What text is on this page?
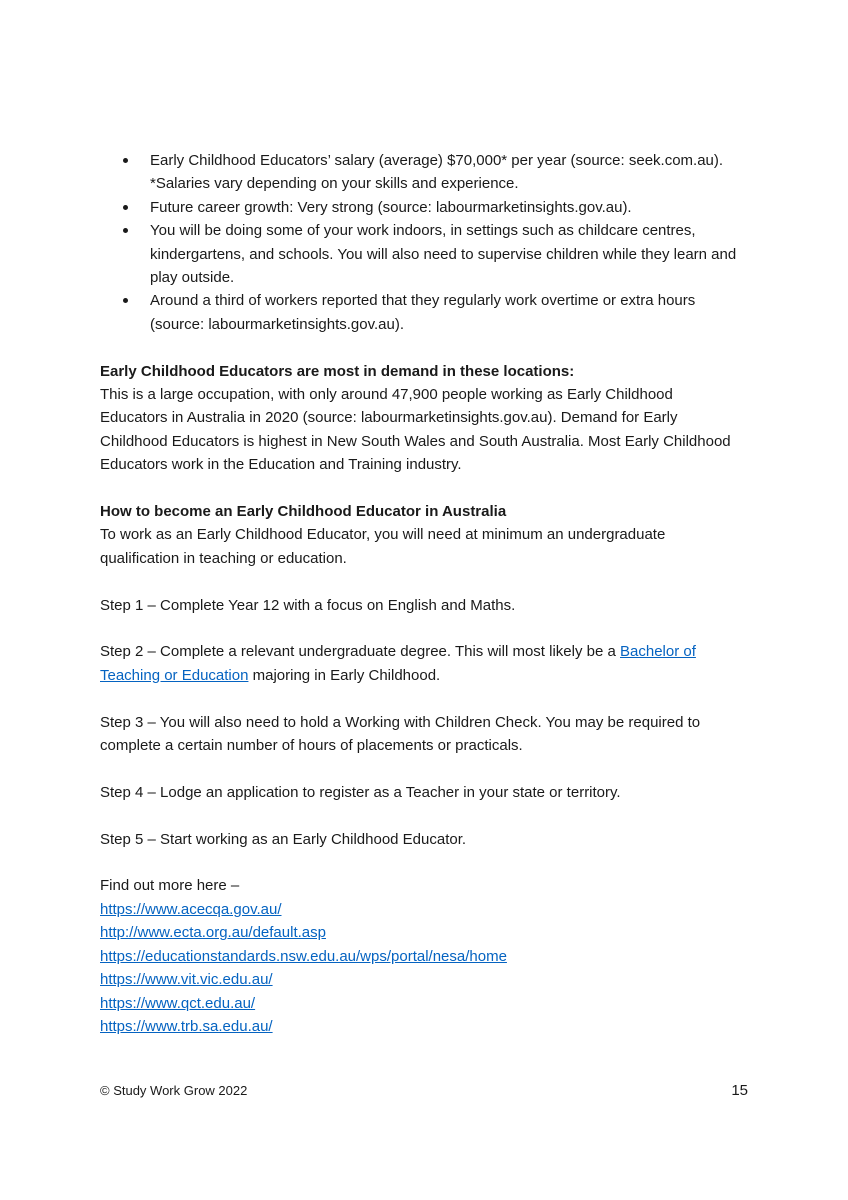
Early Childhood Educators’ salary (average) $70,000* per year (source: seek.com.au).
*Salaries vary depending on your skills and experience.
Future career growth: Very strong (source: labourmarketinsights.gov.au).
You will be doing some of your work indoors, in settings such as childcare centres,
kindergartens, and schools. You will also need to supervise children while they learn and
play outside.
Around a third of workers reported that they regularly work overtime or extra hours
(source: labourmarketinsights.gov.au).
Early Childhood Educators are most in demand in these locations:

This is a large occupation, with only around 47,900 people working as Early Childhood
Educators in Australia in 2020 (source: labourmarketinsights.gov.au). Demand for Early
Childhood Educators is highest in New South Wales and South Australia. Most Early Childhood
Educators work in the Education and Training industry.

How to become an Early Childhood Educator in Australia

To work as an Early Childhood Educator, you will need at minimum an undergraduate
qualification in teaching or education.

Step 1 – Complete Year 12 with a focus on English and Maths.

Step 2 – Complete a relevant undergraduate degree. This will most likely be a Bachelor of
Teaching or Education majoring in Early Childhood.

Step 3 – You will also need to hold a Working with Children Check. You may be required to
complete a certain number of hours of placements or practicals.

Step 4 – Lodge an application to register as a Teacher in your state or territory.

Step 5 – Start working as an Early Childhood Educator.

Find out more here –
https://www.acecqa.gov.au/
http://www.ecta.org.au/default.asp
https://educationstandards.nsw.edu.au/wps/portal/nesa/home
https://www.vit.vic.edu.au/
https://www.qct.edu.au/
https://www.trb.sa.edu.au/
© Study Work Grow 2022	15
